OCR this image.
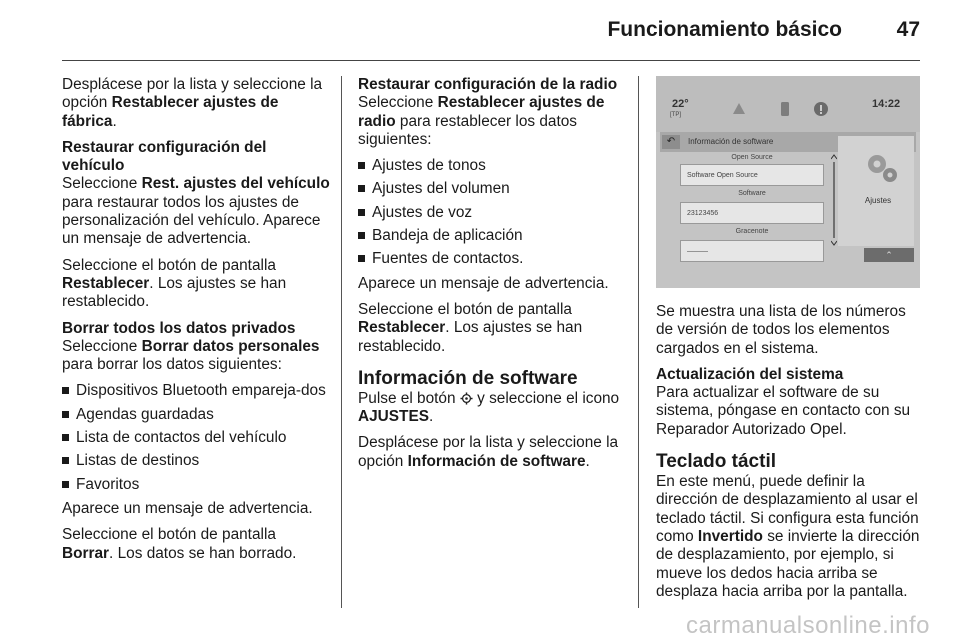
Funcionamiento básico	47

Desplácese por la lista y seleccione la opción Restablecer ajustes de fábrica.

Restaurar configuración del vehículo

Seleccione Rest. ajustes del vehículo para restaurar todos los ajustes de personalización del vehículo. Aparece un mensaje de advertencia.

Seleccione el botón de pantalla Restablecer. Los ajustes se han restablecido.

Borrar todos los datos privados

Seleccione Borrar datos personales para borrar los datos siguientes:

Dispositivos Bluetooth empareja-dos
Agendas guardadas
Lista de contactos del vehículo
Listas de destinos
Favoritos

Aparece un mensaje de advertencia.

Seleccione el botón de pantalla Borrar. Los datos se han borrado.

Restaurar configuración de la radio

Seleccione Restablecer ajustes de radio para restablecer los datos siguientes:

Ajustes de tonos
Ajustes del volumen
Ajustes de voz
Bandeja de aplicación
Fuentes de contactos.

Aparece un mensaje de advertencia.

Seleccione el botón de pantalla Restablecer. Los ajustes se han restablecido.

Información de software

Pulse el botón  y seleccione el icono AJUSTES.

Desplácese por la lista y seleccione la opción Información de software.

22°
[TP]
14:22
↶	Información de software
Open Source
Software Open Source
Software
23123456
Gracenote
———
Ajustes
⌃

Se muestra una lista de los números de versión de todos los elementos cargados en el sistema.

Actualización del sistema

Para actualizar el software de su sistema, póngase en contacto con su Reparador Autorizado Opel.

Teclado táctil

En este menú, puede definir la dirección de desplazamiento al usar el teclado táctil. Si configura esta función como Invertido se invierte la dirección de desplazamiento, por ejemplo, si mueve los dedos hacia arriba se desplaza hacia arriba por la pantalla.

carmanualsonline.info
